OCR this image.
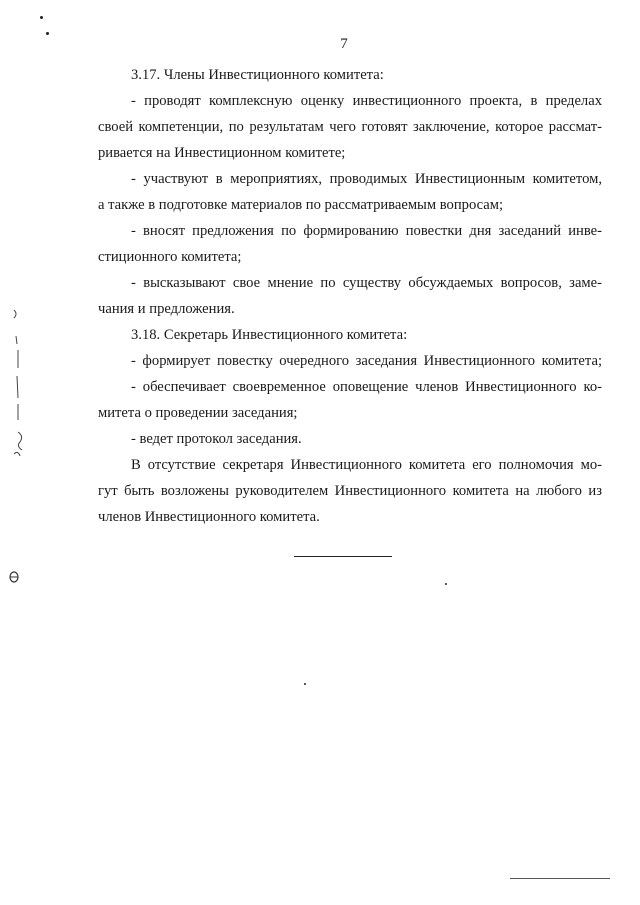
7
3.17. Члены Инвестиционного комитета:
- проводят комплексную оценку инвестиционного проекта, в пределах
своей компетенции, по результатам чего готовят заключение, которое рассмат-
ривается на Инвестиционном комитете;
- участвуют в мероприятиях, проводимых Инвестиционным комитетом,
а также в подготовке материалов по рассматриваемым вопросам;
- вносят предложения по формированию повестки дня заседаний инве-
стиционного комитета;
- высказывают свое мнение по существу обсуждаемых вопросов, заме-
чания и предложения.
3.18. Секретарь Инвестиционного комитета:
- формирует повестку очередного заседания Инвестиционного комитета;
- обеспечивает своевременное оповещение членов Инвестиционного ко-
митета о проведении заседания;
- ведет протокол заседания.
В отсутствие секретаря Инвестиционного комитета его полномочия мо-
гут быть возложены руководителем Инвестиционного комитета на любого из
членов Инвестиционного комитета.
